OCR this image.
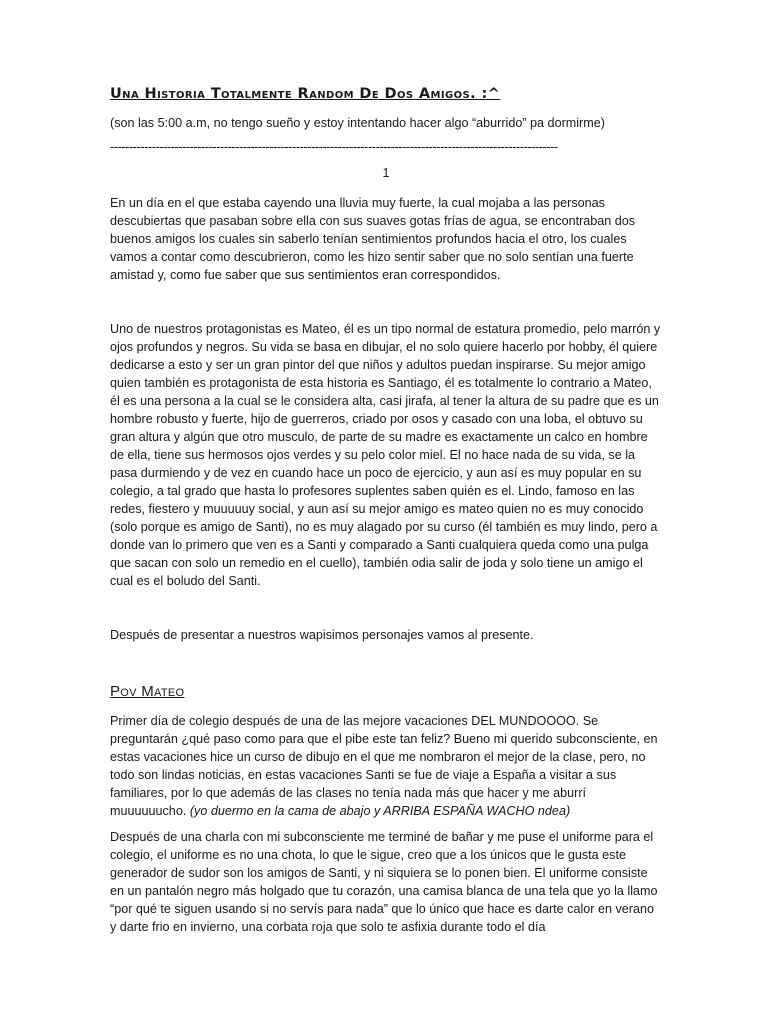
Una Historia Totalmente Random De Dos Amigos. :^
(son las 5:00 a.m, no tengo sueño y estoy intentando hacer algo “aburrido” pa dormirme)
----------------------------------------------------------------------------------------------------------------------
1

En un día en el que estaba cayendo una lluvia muy fuerte, la cual mojaba a las personas descubiertas que pasaban sobre ella con sus suaves gotas frías de agua, se encontraban dos buenos amigos los cuales sin saberlo tenían sentimientos profundos hacia el otro, los cuales vamos a contar como descubrieron, como les hizo sentir saber que no solo sentían una fuerte amistad y, como fue saber que sus sentimientos eran correspondidos.

Uno de nuestros protagonistas es Mateo, él es un tipo normal de estatura promedio, pelo marrón y ojos profundos y negros. Su vida se basa en dibujar, el no solo quiere hacerlo por hobby, él quiere dedicarse a esto y ser un gran pintor del que niños y adultos puedan inspirarse. Su mejor amigo quien también es protagonista de esta historia es Santiago, él es totalmente lo contrario a Mateo, él es una persona a la cual se le considera alta, casi jirafa, al tener la altura de su padre que es un hombre robusto y fuerte, hijo de guerreros, criado por osos y casado con una loba, el obtuvo su gran altura y algún que otro musculo, de parte de su madre es exactamente un calco en hombre de ella, tiene sus hermosos ojos verdes y su pelo color miel. El no hace nada de su vida, se la pasa durmiendo y de vez en cuando hace un poco de ejercicio, y aun así es muy popular en su colegio, a tal grado que hasta lo profesores suplentes saben quién es el. Lindo, famoso en las redes, fiestero y muuuuuy social, y aun así su mejor amigo es mateo quien no es muy conocido (solo porque es amigo de Santi), no es muy alagado por su curso (él también es muy lindo, pero a donde van lo primero que ven es a Santi y comparado a Santi cualquiera queda como una pulga que sacan con solo un remedio en el cuello), también odia salir de joda y solo tiene un amigo el cual es el boludo del Santi.

Después de presentar a nuestros wapisimos personajes vamos al presente.

Pov Mateo

Primer día de colegio después de una de las mejore vacaciones DEL MUNDOOOO. Se preguntarán ¿qué paso como para que el pibe este tan feliz? Bueno mi querido subconsciente, en estas vacaciones hice un curso de dibujo en el que me nombraron el mejor de la clase, pero, no todo son lindas noticias, en estas vacaciones Santi se fue de viaje a España a visitar a sus familiares, por lo que además de las clases no tenía nada más que hacer y me aburrí muuuuuucho. (yo duermo en la cama de abajo y ARRIBA ESPAÑA WACHO ndea)

Después de una charla con mi subconsciente me terminé de bañar y me puse el uniforme para el colegio, el uniforme es no una chota, lo que le sigue, creo que a los únicos que le gusta este generador de sudor son los amigos de Santi, y ni siquiera se lo ponen bien. El uniforme consiste en un pantalón negro más holgado que tu corazón, una camisa blanca de una tela que yo la llamo “por qué te siguen usando si no servís para nada” que lo único que hace es darte calor en verano y darte frio en invierno, una corbata roja que solo te asfixia durante todo el día
